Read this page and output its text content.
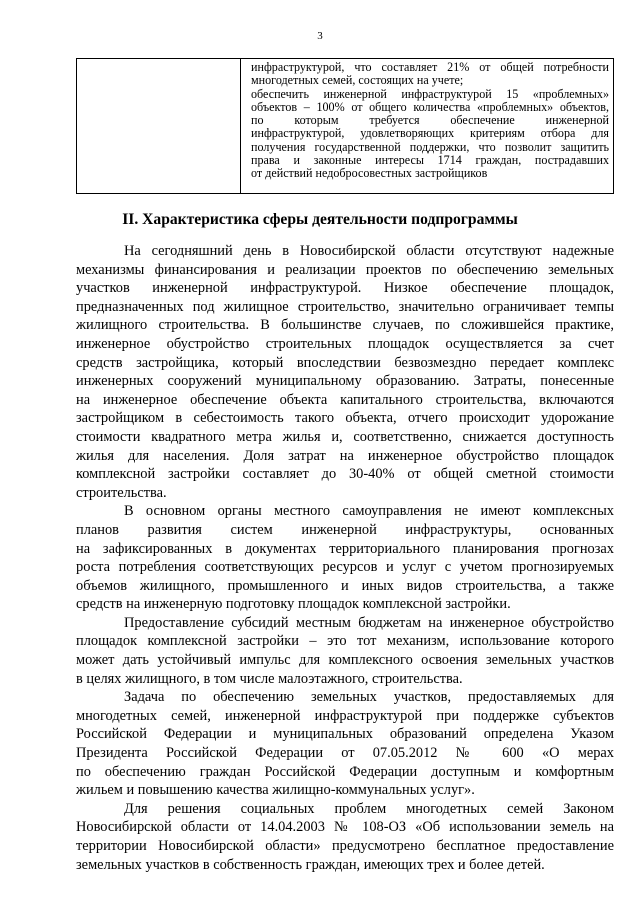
3
инфраструктурой, что составляет 21% от общей потребности
многодетных семей, состоящих на учете;
обеспечить инженерной инфраструктурой 15 «проблемных»
объектов – 100% от общего количества «проблемных» объектов,
по которым требуется обеспечение инженерной
инфраструктурой, удовлетворяющих критериям отбора для
получения государственной поддержки, что позволит защитить
права и законные интересы 1714 граждан, пострадавших
от действий недобросовестных застройщиков
II. Характеристика сферы деятельности подпрограммы
На сегодняшний день в Новосибирской области отсутствуют надежные
механизмы финансирования и реализации проектов по обеспечению земельных
участков инженерной инфраструктурой. Низкое обеспечение площадок,
предназначенных под жилищное строительство, значительно ограничивает темпы
жилищного строительства. В большинстве случаев, по сложившейся практике,
инженерное обустройство строительных площадок осуществляется за счет
средств застройщика, который впоследствии безвозмездно передает комплекс
инженерных сооружений муниципальному образованию. Затраты, понесенные
на инженерное обеспечение объекта капитального строительства, включаются
застройщиком в себестоимость такого объекта, отчего происходит удорожание
стоимости квадратного метра жилья и, соответственно, снижается доступность
жилья для населения. Доля затрат на инженерное обустройство площадок
комплексной застройки составляет до 30-40% от общей сметной стоимости
строительства.
В основном органы местного самоуправления не имеют комплексных
планов развития систем инженерной инфраструктуры, основанных
на зафиксированных в документах территориального планирования прогнозах
роста потребления соответствующих ресурсов и услуг с учетом прогнозируемых
объемов жилищного, промышленного и иных видов строительства, а также
средств на инженерную подготовку площадок комплексной застройки.
Предоставление субсидий местным бюджетам на инженерное обустройство
площадок комплексной застройки – это тот механизм, использование которого
может дать устойчивый импульс для комплексного освоения земельных участков
в целях жилищного, в том числе малоэтажного, строительства.
Задача по обеспечению земельных участков, предоставляемых для
многодетных семей, инженерной инфраструктурой при поддержке субъектов
Российской Федерации и муниципальных образований определена Указом
Президента Российской Федерации от 07.05.2012 № 600 «О мерах
по обеспечению граждан Российской Федерации доступным и комфортным
жильем и повышению качества жилищно-коммунальных услуг».
Для решения социальных проблем многодетных семей Законом
Новосибирской области от 14.04.2003 № 108-ОЗ «Об использовании земель на
территории Новосибирской области» предусмотрено бесплатное предоставление
земельных участков в собственность граждан, имеющих трех и более детей.
